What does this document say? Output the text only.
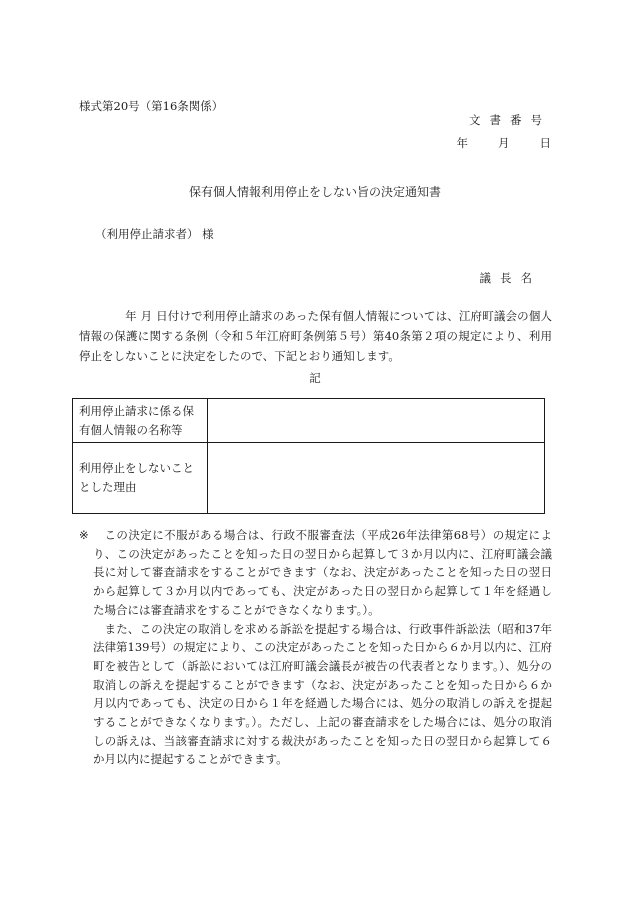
様式第20号（第16条関係）
文書番号
年	月	日
保有個人情報利用停止をしない旨の決定通知書
（利用停止請求者） 様
議長名
年 月 日付けで利用停止請求のあった保有個人情報については、江府町議会の個人情報の保護に関する条例（令和５年江府町条例第５号）第40条第２項の規定により、利用停止をしないことに決定をしたので、下記とおり通知します。
記
利用停止請求に係る保有個人情報の名称等	
利用停止をしないこととした理由	
※	この決定に不服がある場合は、行政不服審査法（平成26年法律第68号）の規定により、この決定があったことを知った日の翌日から起算して３か月以内に、江府町議会議長に対して審査請求をすることができます（なお、決定があったことを知った日の翌日から起算して３か月以内であっても、決定があった日の翌日から起算して１年を経過した場合には審査請求をすることができなくなります。）。

また、この決定の取消しを求める訴訟を提起する場合は、行政事件訴訟法（昭和37年法律第139号）の規定により、この決定があったことを知った日から６か月以内に、江府町を被告として（訴訟においては江府町議会議長が被告の代表者となります。）、処分の取消しの訴えを提起することができます（なお、決定があったことを知った日から６か月以内であっても、決定の日から１年を経過した場合には、処分の取消しの訴えを提起することができなくなります。）。ただし、上記の審査請求をした場合には、処分の取消しの訴えは、当該審査請求に対する裁決があったことを知った日の翌日から起算して６か月以内に提起することができます。
